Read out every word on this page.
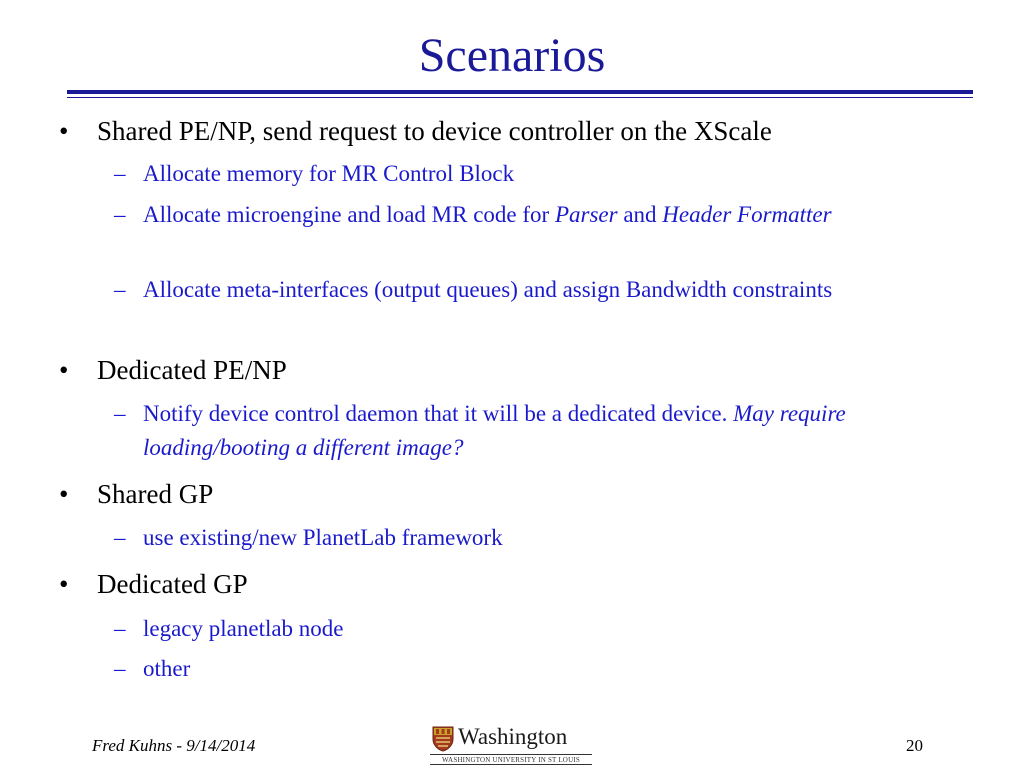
Scenarios
• Shared PE/NP, send request to device controller on the XScale
– Allocate memory for MR Control Block
– Allocate microengine and load MR code for Parser and Header Formatter
– Allocate meta-interfaces (output queues) and assign Bandwidth constraints
• Dedicated PE/NP
– Notify device control daemon that it will be a dedicated device. May require loading/booting a different image?
• Shared GP
– use existing/new PlanetLab framework
• Dedicated GP
– legacy planetlab node
– other
Fred Kuhns - 9/14/2014	Washington
WASHINGTON UNIVERSITY IN ST LOUIS
20
